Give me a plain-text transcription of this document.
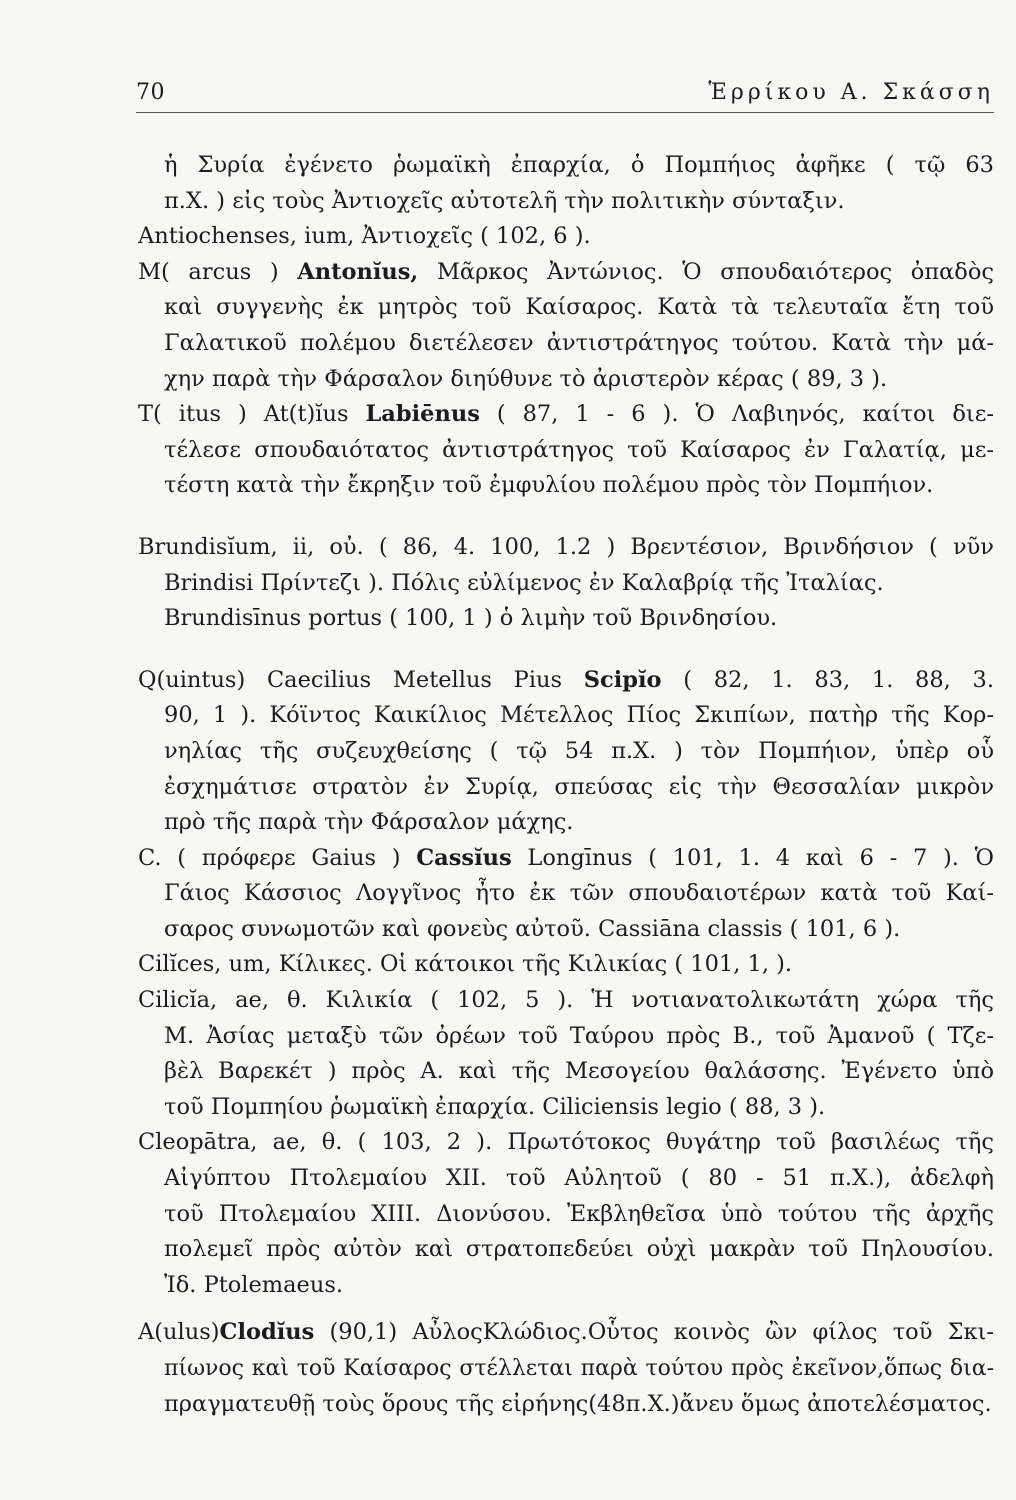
70	Ἑρρίκου Α. Σκάσση
ἡ Συρία ἐγένετο ῥωμαϊκὴ ἐπαρχία, ὁ Πομπήιος ἀφῆκε ( τῷ 63
π.Χ. ) εἰς τοὺς Ἀντιοχεῖς αὐτοτελῆ τὴν πολιτικὴν σύνταξιν.
Antiochenses, ium, Ἀντιοχεῖς ( 102, 6 ).
M( arcus ) Antonĭus, Μᾶρκος Ἀντώνιος. Ὁ σπουδαιότερος ὀπαδὸς
καὶ συγγενὴς ἐκ μητρὸς τοῦ Καίσαρος. Κατὰ τὰ τελευταῖα ἔτη τοῦ
Γαλατικοῦ πολέμου διετέλεσεν ἀντιστράτηγος τούτου. Κατὰ τὴν μά-
χην παρὰ τὴν Φάρσαλον διηύθυνε τὸ ἀριστερὸν κέρας ( 89, 3 ).
T( itus ) At(t)ĭus Labiēnus ( 87, 1 - 6 ). Ὁ Λαβιηνός, καίτοι διε-
τέλεσε σπουδαιότατος ἀντιστράτηγος τοῦ Καίσαρος ἐν Γαλατίᾳ, με-
τέστη κατὰ τὴν ἔκρηξιν τοῦ ἐμφυλίου πολέμου πρὸς τὸν Πομπήιον.
Brundisĭum, ii, οὐ. ( 86, 4. 100, 1.2 ) Βρεντέσιον, Βρινδήσιον ( νῦν
Brindisi Πρίντεζι ). Πόλις εὐλίμενος ἐν Καλαβρίᾳ τῆς Ἰταλίας.
Brundisīnus portus ( 100, 1 ) ὁ λιμὴν τοῦ Βρινδησίου.
Q(uintus) Caecilius Metellus Pius Scipĭo ( 82, 1. 83, 1. 88, 3.
90, 1 ). Κόϊντος Καικίλιος Μέτελλος Πίος Σκιπίων, πατὴρ τῆς Κορ-
νηλίας τῆς συζευχθείσης ( τῷ 54 π.Χ. ) τὸν Πομπήιον, ὑπὲρ οὗ
ἐσχημάτισε στρατὸν ἐν Συρίᾳ, σπεύσας εἰς τὴν Θεσσαλίαν μικρὸν
πρὸ τῆς παρὰ τὴν Φάρσαλον μάχης.
C. ( πρόφερε Gaius ) Cassĭus Longīnus ( 101, 1. 4 καὶ 6 - 7 ). Ὁ
Γάιος Κάσσιος Λογγῖνος ἦτο ἐκ τῶν σπουδαιοτέρων κατὰ τοῦ Καί-
σαρος συνωμοτῶν καὶ φονεὺς αὐτοῦ. Cassiāna classis ( 101, 6 ).
Cilĭces, um, Κίλικες. Οἱ κάτοικοι τῆς Κιλικίας ( 101, 1, ).
Cilicĭa, ae, θ. Κιλικία ( 102, 5 ). Ἡ νοτιανατολικωτάτη χώρα τῆς
Μ. Ἀσίας μεταξὺ τῶν ὀρέων τοῦ Ταύρου πρὸς Β., τοῦ Ἀμανοῦ ( Τζε-
βὲλ Βαρεκέτ ) πρὸς Α. καὶ τῆς Μεσογείου θαλάσσης. Ἐγένετο ὑπὸ
τοῦ Πομπηίου ῥωμαϊκὴ ἐπαρχία. Ciliciensis legio ( 88, 3 ).
Cleopātra, ae, θ. ( 103, 2 ). Πρωτότοκος θυγάτηρ τοῦ βασιλέως τῆς
Αἰγύπτου Πτολεμαίου XII. τοῦ Αὐλητοῦ ( 80 - 51 π.Χ.), ἀδελφὴ
τοῦ Πτολεμαίου XIII. Διονύσου. Ἐκβληθεῖσα ὑπὸ τούτου τῆς ἀρχῆς
πολεμεῖ πρὸς αὐτὸν καὶ στρατοπεδεύει οὐχὶ μακρὰν τοῦ Πηλουσίου.
Ἰδ. Ptolemaeus.
A(ulus)Clodĭus (90,1) ΑὖλοςΚλώδιος.Οὗτος κοινὸς ὢν φίλος τοῦ Σκι-
πίωνος καὶ τοῦ Καίσαρος στέλλεται παρὰ τούτου πρὸς ἐκεῖνον,ὅπως δια-
πραγματευθῇ τοὺς ὅρους τῆς εἰρήνης(48π.Χ.)ἄνευ ὅμως ἀποτελέσματος.
